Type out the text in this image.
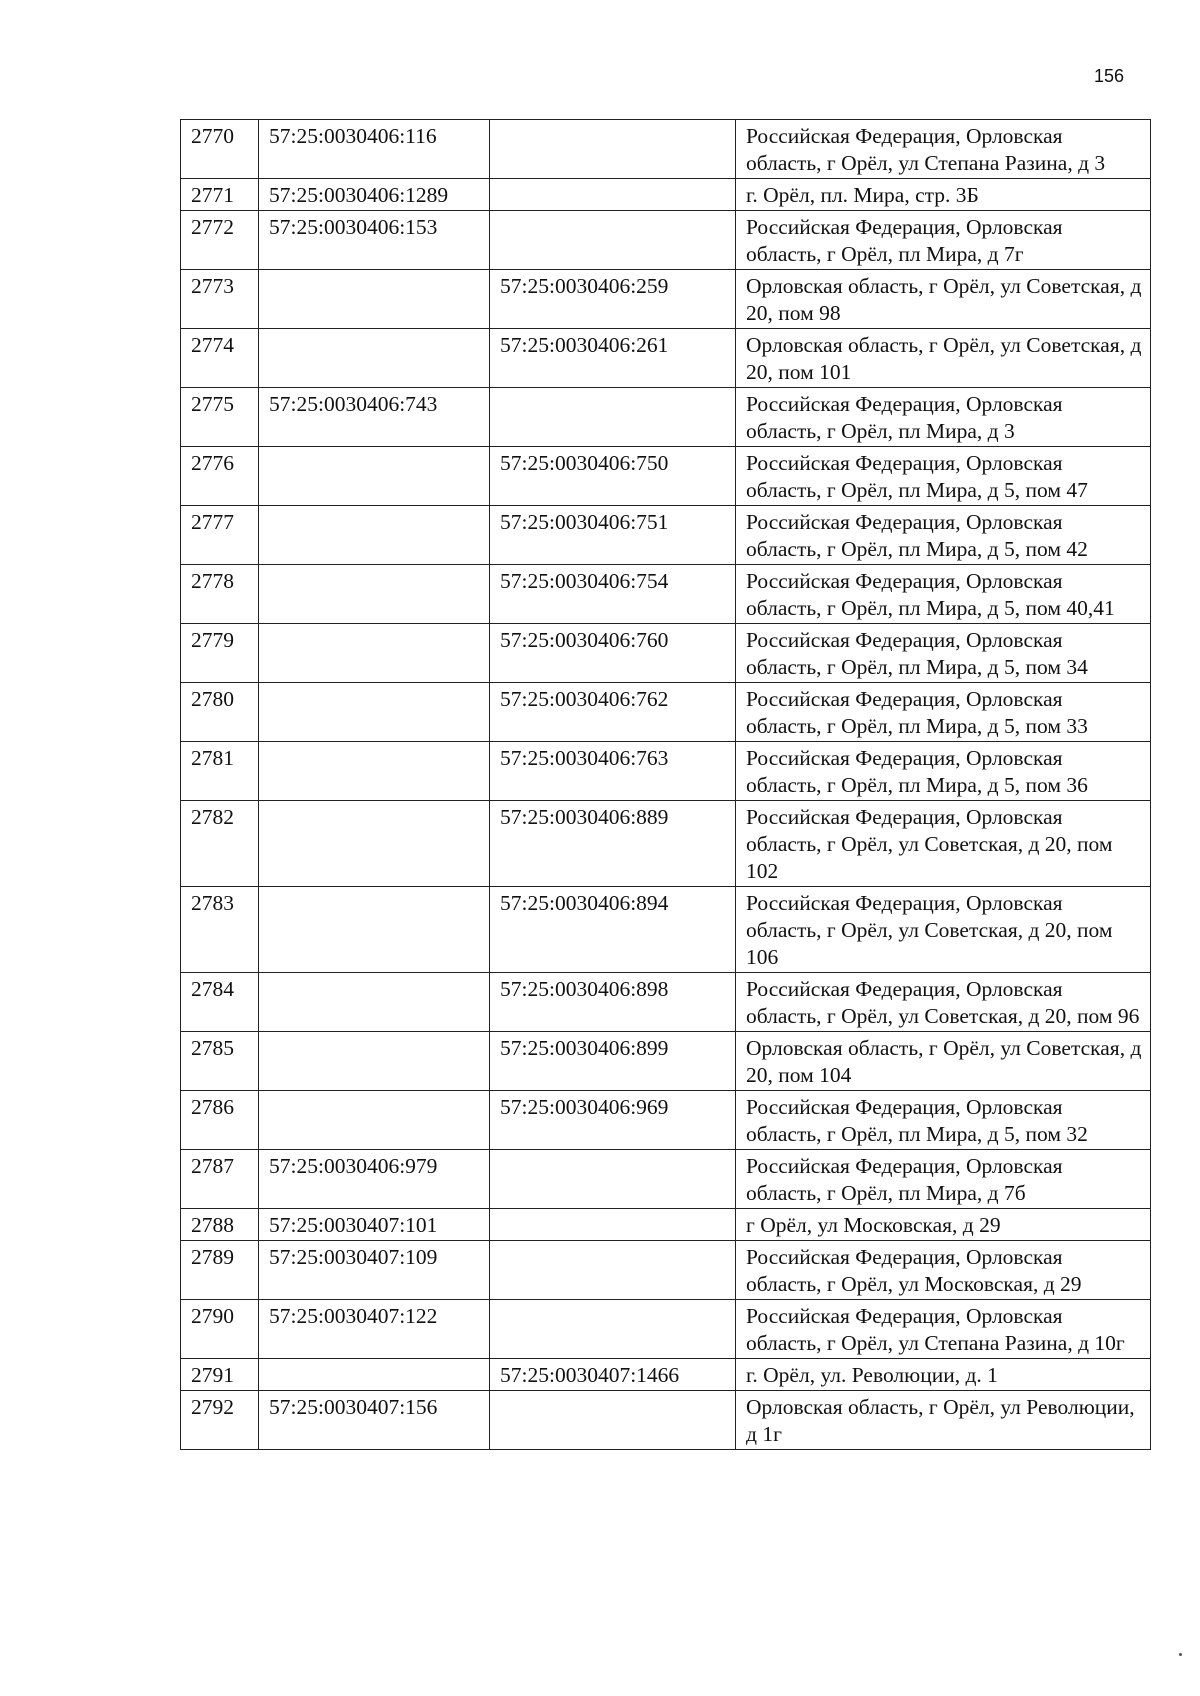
156
2770	57:25:0030406:116		Российская Федерация, Орловская область, г Орёл, ул Степана Разина, д 3
2771	57:25:0030406:1289		г. Орёл, пл. Мира, стр. 3Б
2772	57:25:0030406:153		Российская Федерация, Орловская область, г Орёл, пл Мира, д 7г
2773		57:25:0030406:259	Орловская область, г Орёл, ул Советская, д 20, пом 98
2774		57:25:0030406:261	Орловская область, г Орёл, ул Советская, д 20, пом 101
2775	57:25:0030406:743		Российская Федерация, Орловская область, г Орёл, пл Мира, д 3
2776		57:25:0030406:750	Российская Федерация, Орловская область, г Орёл, пл Мира, д 5, пом 47
2777		57:25:0030406:751	Российская Федерация, Орловская область, г Орёл, пл Мира, д 5, пом 42
2778		57:25:0030406:754	Российская Федерация, Орловская область, г Орёл, пл Мира, д 5, пом 40,41
2779		57:25:0030406:760	Российская Федерация, Орловская область, г Орёл, пл Мира, д 5, пом 34
2780		57:25:0030406:762	Российская Федерация, Орловская область, г Орёл, пл Мира, д 5, пом 33
2781		57:25:0030406:763	Российская Федерация, Орловская область, г Орёл, пл Мира, д 5, пом 36
2782		57:25:0030406:889	Российская Федерация, Орловская область, г Орёл, ул Советская, д 20, пом 102
2783		57:25:0030406:894	Российская Федерация, Орловская область, г Орёл, ул Советская, д 20, пом 106
2784		57:25:0030406:898	Российская Федерация, Орловская область, г Орёл, ул Советская, д 20, пом 96
2785		57:25:0030406:899	Орловская область, г Орёл, ул Советская, д 20, пом 104
2786		57:25:0030406:969	Российская Федерация, Орловская область, г Орёл, пл Мира, д 5, пом 32
2787	57:25:0030406:979		Российская Федерация, Орловская область, г Орёл, пл Мира, д 7б
2788	57:25:0030407:101		г Орёл, ул Московская, д 29
2789	57:25:0030407:109		Российская Федерация, Орловская область, г Орёл, ул Московская, д 29
2790	57:25:0030407:122		Российская Федерация, Орловская область, г Орёл, ул Степана Разина, д 10г
2791		57:25:0030407:1466	г. Орёл, ул. Революции, д. 1
2792	57:25:0030407:156		Орловская область, г Орёл, ул Революции, д 1г
